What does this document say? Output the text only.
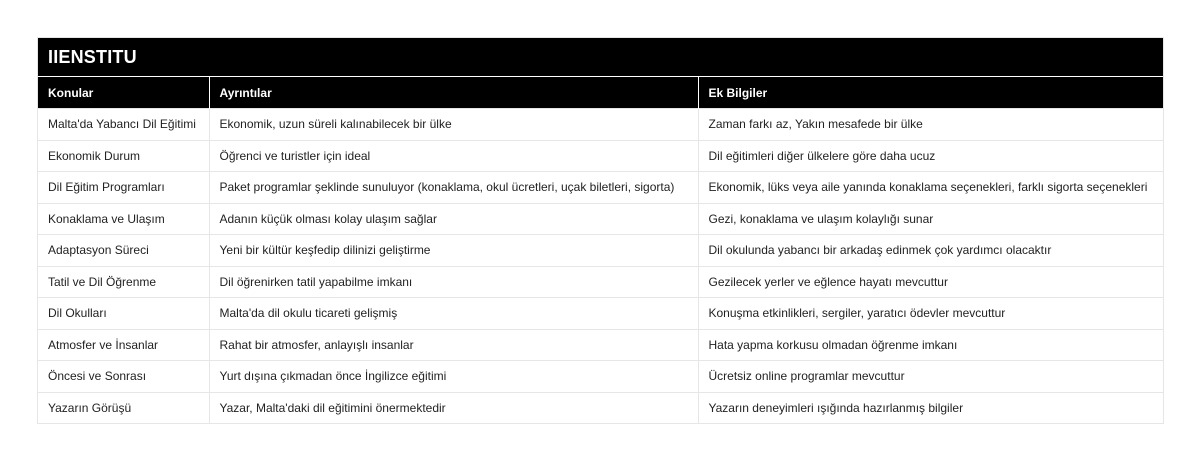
IIENSTITU
Konular	Ayrıntılar	Ek Bilgiler
Malta'da Yabancı Dil Eğitimi	Ekonomik, uzun süreli kalınabilecek bir ülke	Zaman farkı az, Yakın mesafede bir ülke
Ekonomik Durum	Öğrenci ve turistler için ideal	Dil eğitimleri diğer ülkelere göre daha ucuz
Dil Eğitim Programları	Paket programlar şeklinde sunuluyor (konaklama, okul ücretleri, uçak biletleri, sigorta)	Ekonomik, lüks veya aile yanında konaklama seçenekleri, farklı sigorta seçenekleri
Konaklama ve Ulaşım	Adanın küçük olması kolay ulaşım sağlar	Gezi, konaklama ve ulaşım kolaylığı sunar
Adaptasyon Süreci	Yeni bir kültür keşfedip dilinizi geliştirme	Dil okulunda yabancı bir arkadaş edinmek çok yardımcı olacaktır
Tatil ve Dil Öğrenme	Dil öğrenirken tatil yapabilme imkanı	Gezilecek yerler ve eğlence hayatı mevcuttur
Dil Okulları	Malta'da dil okulu ticareti gelişmiş	Konuşma etkinlikleri, sergiler, yaratıcı ödevler mevcuttur
Atmosfer ve İnsanlar	Rahat bir atmosfer, anlayışlı insanlar	Hata yapma korkusu olmadan öğrenme imkanı
Öncesi ve Sonrası	Yurt dışına çıkmadan önce İngilizce eğitimi	Ücretsiz online programlar mevcuttur
Yazarın Görüşü	Yazar, Malta'daki dil eğitimini önermektedir	Yazarın deneyimleri ışığında hazırlanmış bilgiler
